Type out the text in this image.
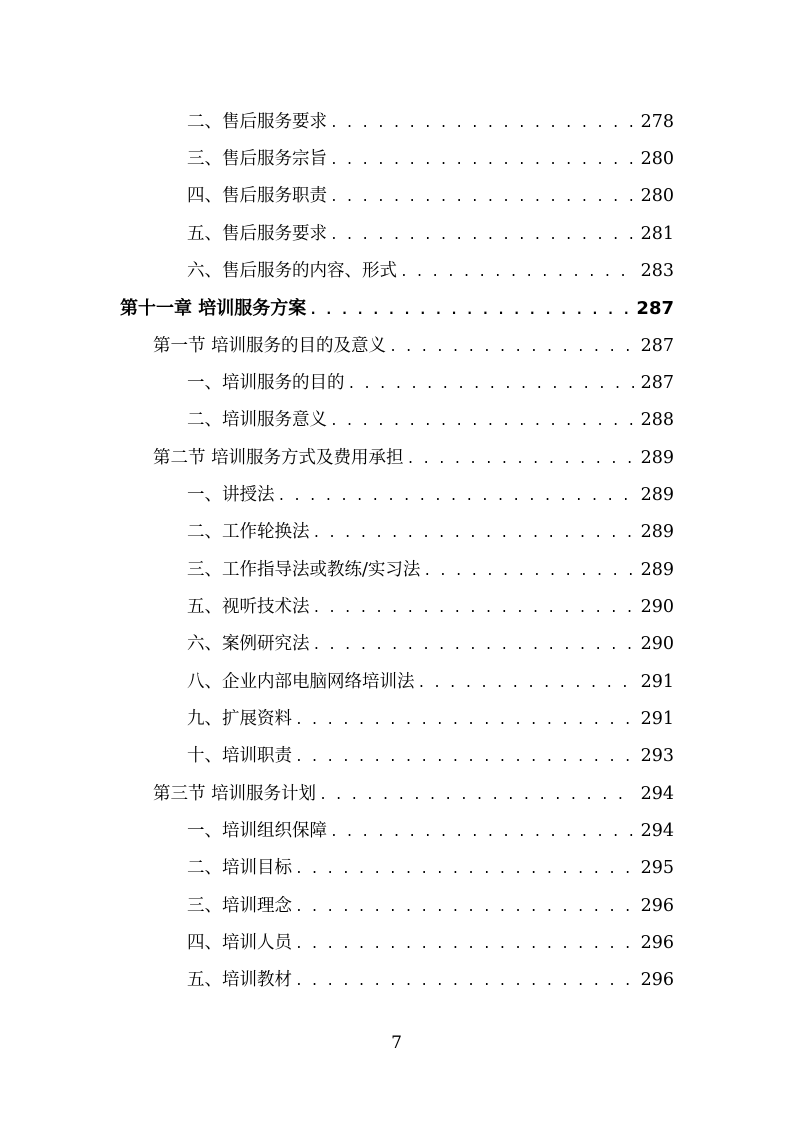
二、售后服务要求 . . .	278
三、售后服务宗旨 . . .	280
四、售后服务职责 . . .	280
五、售后服务要求 . . .	281
六、售后服务的内容、形式 . . .	283
第十一章 培训服务方案 . . .	287
第一节 培训服务的目的及意义 . . .	287
一、培训服务的目的 . . .	287
二、培训服务意义 . . .	288
第二节 培训服务方式及费用承担 . . .	289
一、讲授法 . . .	289
二、工作轮换法 . . .	289
三、工作指导法或教练/实习法 . . .	289
五、视听技术法 . . .	290
六、案例研究法 . . .	290
八、企业内部电脑网络培训法 . . .	291
九、扩展资料 . . .	291
十、培训职责 . . .	293
第三节 培训服务计划 . . .	294
一、培训组织保障 . . .	294
二、培训目标 . . .	295
三、培训理念 . . .	296
四、培训人员 . . .	296
五、培训教材 . . .	296
7
